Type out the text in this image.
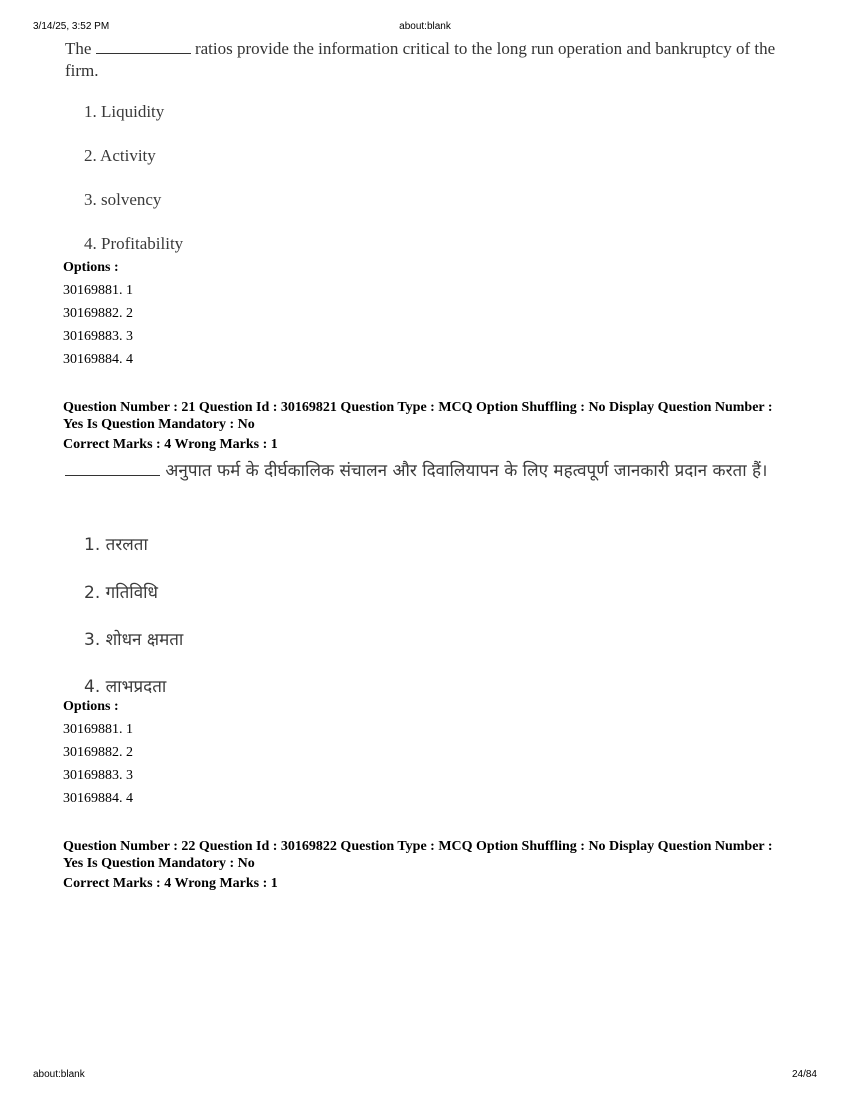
3/14/25, 3:52 PM	about:blank
The	ratios provide the information critical to the long run operation and bankruptcy of the firm.
1. Liquidity
2. Activity
3. solvency
4. Profitability
Options :
30169881. 1
30169882. 2
30169883. 3
30169884. 4
Question Number : 21 Question Id : 30169821 Question Type : MCQ Option Shuffling : No Display Question Number : Yes Is Question Mandatory : No
Correct Marks : 4 Wrong Marks : 1
अनुपात फर्म के दीर्घकालिक संचालन और दिवालियापन के लिए महत्वपूर्ण जानकारी प्रदान करता हैं।
1. तरलता
2. गतिविधि
3. शोधन क्षमता
4. लाभप्रदता
Options :
30169881. 1
30169882. 2
30169883. 3
30169884. 4
Question Number : 22 Question Id : 30169822 Question Type : MCQ Option Shuffling : No Display Question Number : Yes Is Question Mandatory : No
Correct Marks : 4 Wrong Marks : 1
about:blank	24/84
